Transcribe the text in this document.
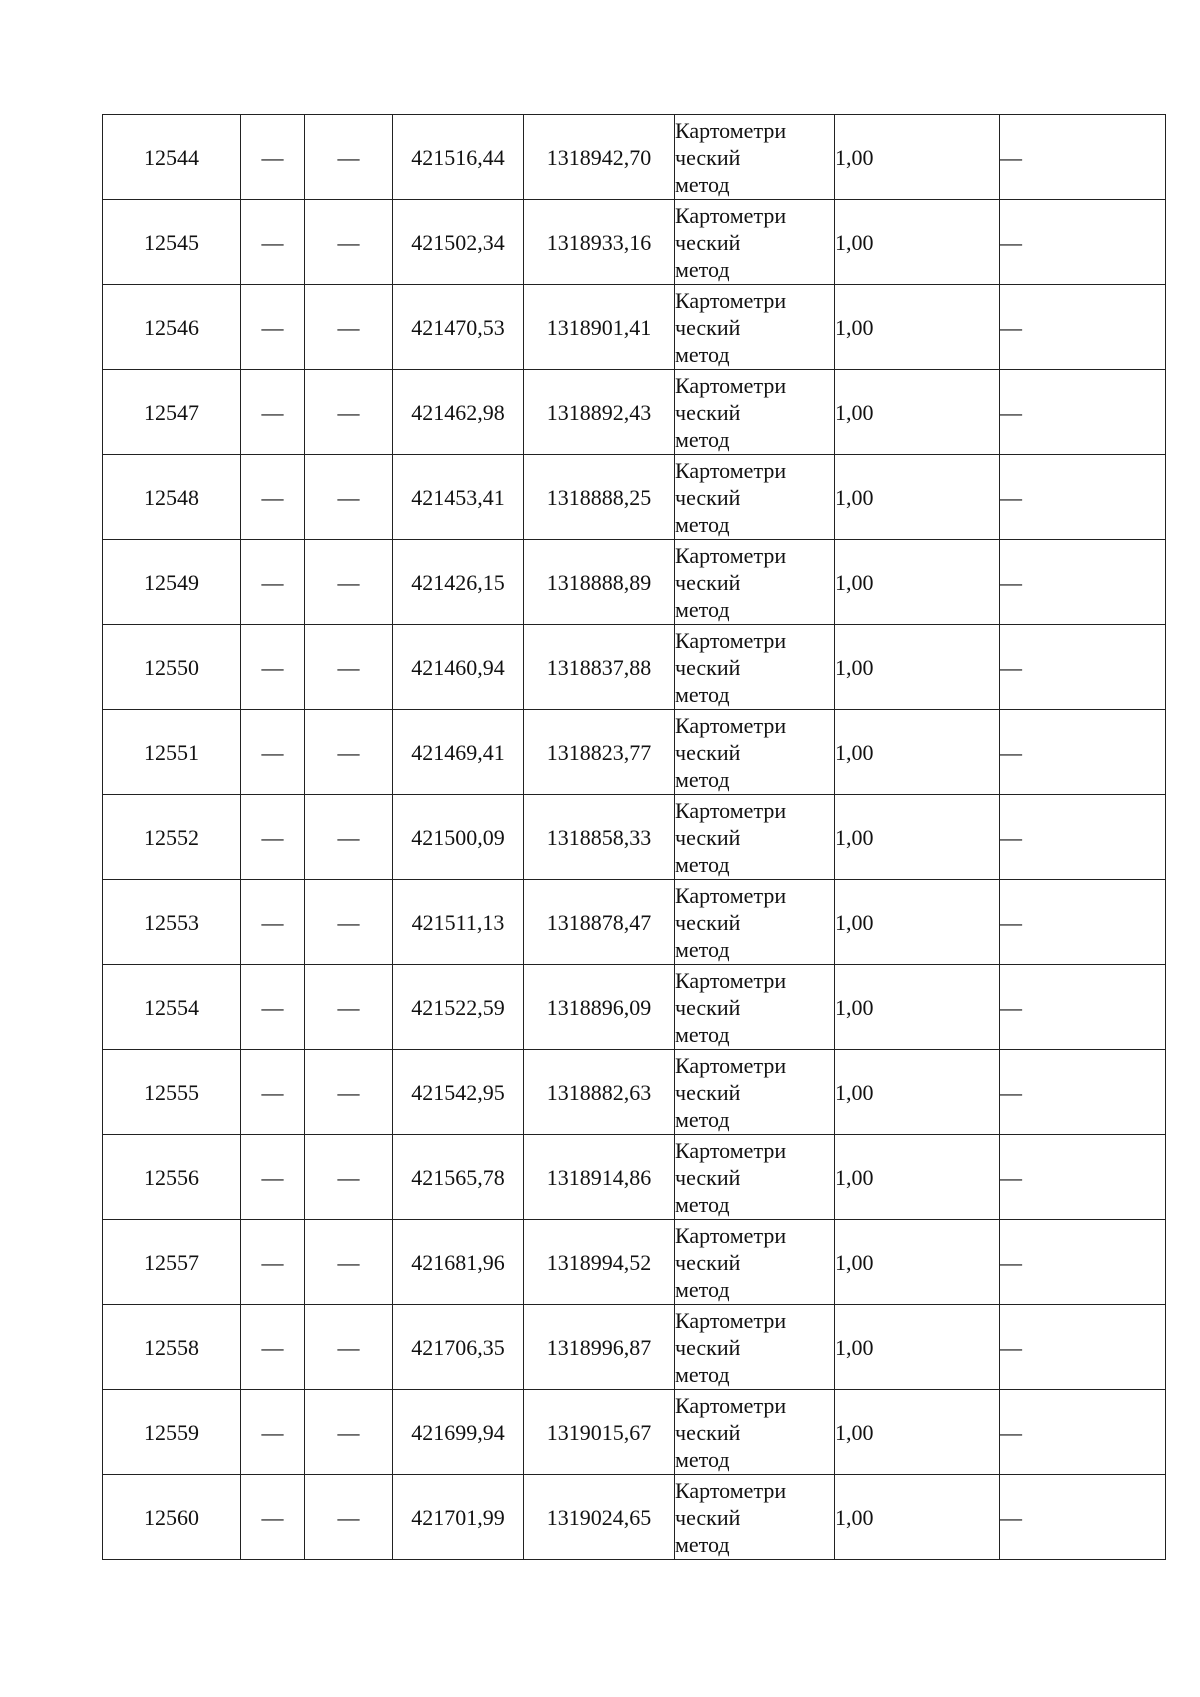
12544	—	—	421516,44	1318942,70	Картометри
ческий
метод	1,00	—
12545	—	—	421502,34	1318933,16	Картометри
ческий
метод	1,00	—
12546	—	—	421470,53	1318901,41	Картометри
ческий
метод	1,00	—
12547	—	—	421462,98	1318892,43	Картометри
ческий
метод	1,00	—
12548	—	—	421453,41	1318888,25	Картометри
ческий
метод	1,00	—
12549	—	—	421426,15	1318888,89	Картометри
ческий
метод	1,00	—
12550	—	—	421460,94	1318837,88	Картометри
ческий
метод	1,00	—
12551	—	—	421469,41	1318823,77	Картометри
ческий
метод	1,00	—
12552	—	—	421500,09	1318858,33	Картометри
ческий
метод	1,00	—
12553	—	—	421511,13	1318878,47	Картометри
ческий
метод	1,00	—
12554	—	—	421522,59	1318896,09	Картометри
ческий
метод	1,00	—
12555	—	—	421542,95	1318882,63	Картометри
ческий
метод	1,00	—
12556	—	—	421565,78	1318914,86	Картометри
ческий
метод	1,00	—
12557	—	—	421681,96	1318994,52	Картометри
ческий
метод	1,00	—
12558	—	—	421706,35	1318996,87	Картометри
ческий
метод	1,00	—
12559	—	—	421699,94	1319015,67	Картометри
ческий
метод	1,00	—
12560	—	—	421701,99	1319024,65	Картометри
ческий
метод	1,00	—
